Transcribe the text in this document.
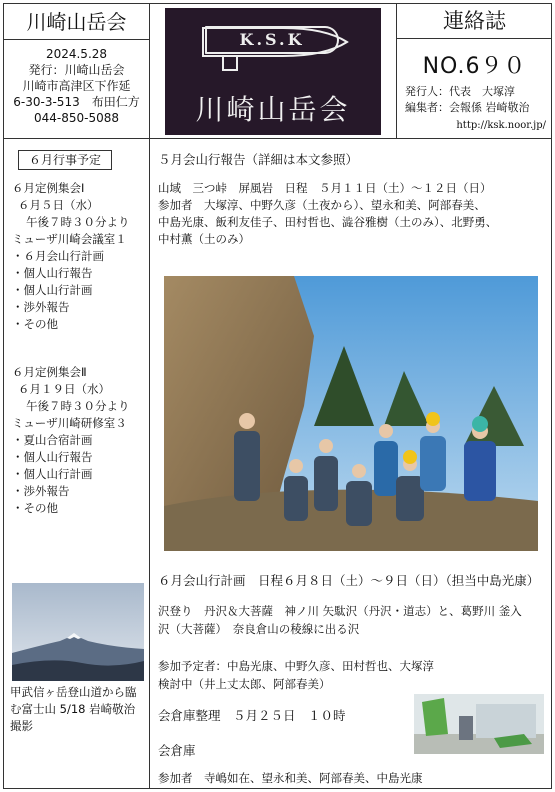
川崎山岳会
2024.5.28
発行：川崎山岳会
川崎市高津区下作延
6-30-3-513　布田仁方
044-850-5088
K.S.K
川崎山岳会
連絡誌
NO.6９０
発行人：代表　大塚淳
編集者：会報係 岩崎敬治
http://ksk.noor.jp/
６月行事予定
６月定例集会Ⅰ
６月５日（水）
午後７時３０分より
ミューザ川崎会議室１
・６月会山行計画
・個人山行報告
・個人山行計画
・渉外報告
・その他
６月定例集会Ⅱ
６月１９日（水）
午後７時３０分より
ミューザ川崎研修室３
・夏山合宿計画
・個人山行報告
・個人山行計画
・渉外報告
・その他
甲武信ヶ岳登山道から臨む富士山 5/18 岩崎敬治撮影
５月会山行報告（詳細は本文参照）
山域　三つ峠　屏風岩　日程　５月１１日（土）～１２日（日）
参加者　大塚淳、中野久彦（土夜から）、望永和美、阿部春美、
中島光康、飯利友佳子、田村哲也、澁谷雅樹（土のみ）、北野勇、
中村薫（土のみ）
６月会山行計画　日程６月８日（土）～９日（日）（担当中島光康）
沢登り　丹沢＆大菩薩　神ノ川 矢駄沢（丹沢・道志）と、葛野川 釜入
沢（大菩薩）　奈良倉山の稜線に出る沢
参加予定者：中島光康、中野久彦、田村哲也、大塚淳
検討中（井上丈太郎、阿部春美）
会倉庫整理　５月２５日　１０時
会倉庫
参加者　寺嶋如在、望永和美、阿部春美、中島光康
